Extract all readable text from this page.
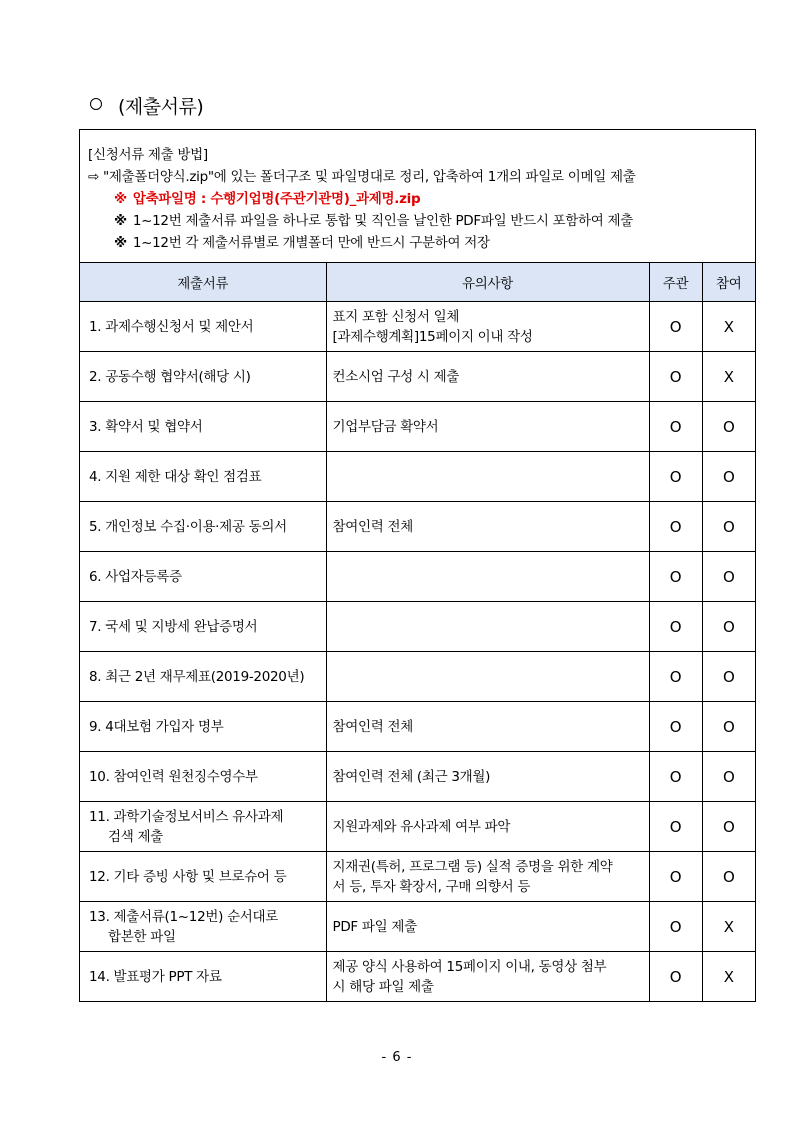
(제출서류)
[신청서류 제출 방법]
⇨ "제출폴더양식.zip"에 있는 폴더구조 및 파일명대로 정리, 압축하여 1개의 파일로 이메일 제출
※ 압축파일명 : 수행기업명(주관기관명)_과제명.zip
※ 1~12번 제출서류 파일을 하나로 통합 및 직인을 날인한 PDF파일 반드시 포함하여 제출
※ 1~12번 각 제출서류별로 개별폴더 만에 반드시 구분하여 저장
제출서류	유의사항	주관	참여
1. 과제수행신청서 및 제안서	표지 포함 신청서 일체
[과제수행계획]15페이지 이내 작성	O	X
2. 공동수행 협약서(해당 시)	컨소시엄 구성 시 제출	O	X
3. 확약서 및 협약서	기업부담금 확약서	O	O
4. 지원 제한 대상 확인 점검표		O	O
5. 개인정보 수집·이용·제공 동의서	참여인력 전체	O	O
6. 사업자등록증		O	O
7. 국세 및 지방세 완납증명서		O	O
8. 최근 2년 재무제표(2019-2020년)		O	O
9. 4대보험 가입자 명부	참여인력 전체	O	O
10. 참여인력 원천징수영수부	참여인력 전체 (최근 3개월)	O	O
11. 과학기술정보서비스 유사과제
검색 제출	지원과제와 유사과제 여부 파악	O	O
12. 기타 증빙 사항 및 브로슈어 등	지재권(특허, 프로그램 등) 실적 증명을 위한 계약
서 등, 투자 확장서, 구매 의향서 등	O	O
13. 제출서류(1~12번) 순서대로
합본한 파일	PDF 파일 제출	O	X
14. 발표평가 PPT 자료	제공 양식 사용하여 15페이지 이내, 동영상 첨부
시 해당 파일 제출	O	X
- 6 -
